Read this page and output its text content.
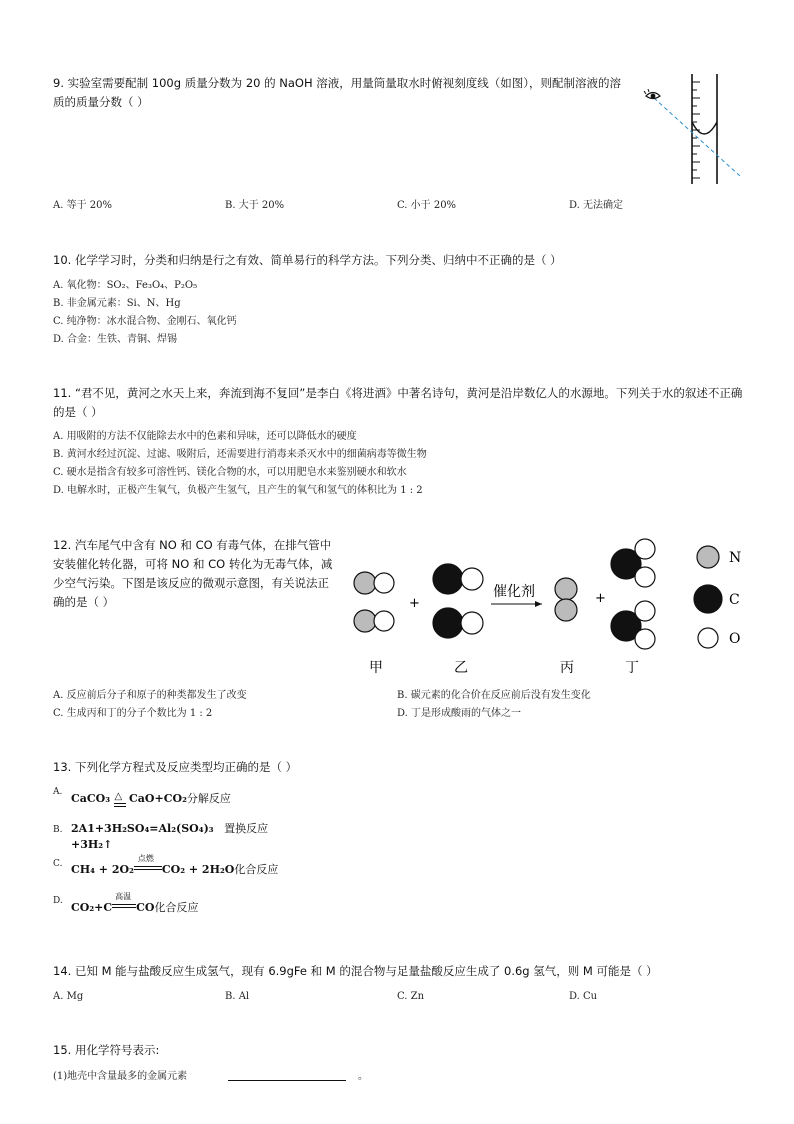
9. 实验室需要配制 100g 质量分数为 20 的 NaOH 溶液，用量筒量取水时俯视刻度线（如图），则配制溶液的溶质的质量分数（ ）
A. 等于 20%	B. 大于 20%	C. 小于 20%	D. 无法确定
10. 化学学习时，分类和归纳是行之有效、简单易行的科学方法。下列分类、归纳中不正确的是（ ）
A. 氧化物：SO₂、Fe₃O₄、P₂O₅
B. 非金属元素：Si、N、Hg
C. 纯净物：冰水混合物、金刚石、氧化钙
D. 合金：生铁、青铜、焊锡
11. “君不见，黄河之水天上来，奔流到海不复回”是李白《将进酒》中著名诗句，黄河是沿岸数亿人的水源地。下列关于水的叙述不正确的是（ ）
A. 用吸附的方法不仅能除去水中的色素和异味，还可以降低水的硬度
B. 黄河水经过沉淀、过滤、吸附后，还需要进行消毒来杀灭水中的细菌病毒等微生物
C. 硬水是指含有较多可溶性钙、镁化合物的水，可以用肥皂水来鉴别硬水和软水
D. 电解水时，正极产生氧气，负极产生氢气，且产生的氧气和氢气的体积比为 1 : 2
12. 汽车尾气中含有 NO 和 CO 有毒气体，在排气管中安装催化转化器，可将 NO 和 CO 转化为无毒气体，减少空气污染。下图是该反应的微观示意图，有关说法正确的是（ ）
催化剂
+	+
甲	乙	丙	丁
N
C
O
A. 反应前后分子和原子的种类都发生了改变	B. 碳元素的化合价在反应前后没有发生变化
C. 生成丙和丁的分子个数比为 1 : 2	D. 丁是形成酸雨的气体之一
13. 下列化学方程式及反应类型均正确的是（ ）
A. CaCO₃ △ CaO+CO₂分解反应
B. 2A1+3H₂SO₄=Al₂(SO₄)₃ 置换反应
+3H₂↑
C. CH₄ + 2O₂
点燃
CO₂ + 2H₂O化合反应
D. CO₂+C
高温
CO化合反应
14. 已知 M 能与盐酸反应生成氢气，现有 6.9gFe 和 M 的混合物与足量盐酸反应生成了 0.6g 氢气，则 M 可能是（ ）
A. Mg	B. Al	C. Zn	D. Cu
15. 用化学符号表示:
(1)地壳中含量最多的金属元素	。
